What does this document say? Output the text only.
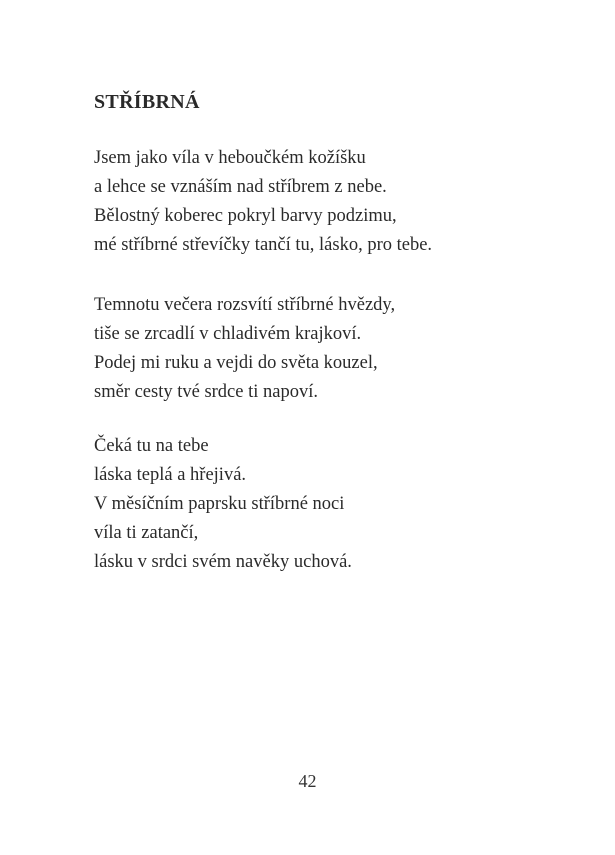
STŘÍBRNÁ
Jsem jako víla v heboučkém kožíšku
a lehce se vznáším nad stříbrem z nebe.
Bělostný koberec pokryl barvy podzimu,
mé stříbrné střevíčky tančí tu, lásko, pro tebe.
Temnotu večera rozsvítí stříbrné hvězdy,
tiše se zrcadlí v chladivém krajkoví.
Podej mi ruku a vejdi do světa kouzel,
směr cesty tvé srdce ti napoví.
Čeká tu na tebe
láska teplá a hřejivá.
V měsíčním paprsku stříbrné noci
víla ti zatančí,
lásku v srdci svém navěky uchová.
42
